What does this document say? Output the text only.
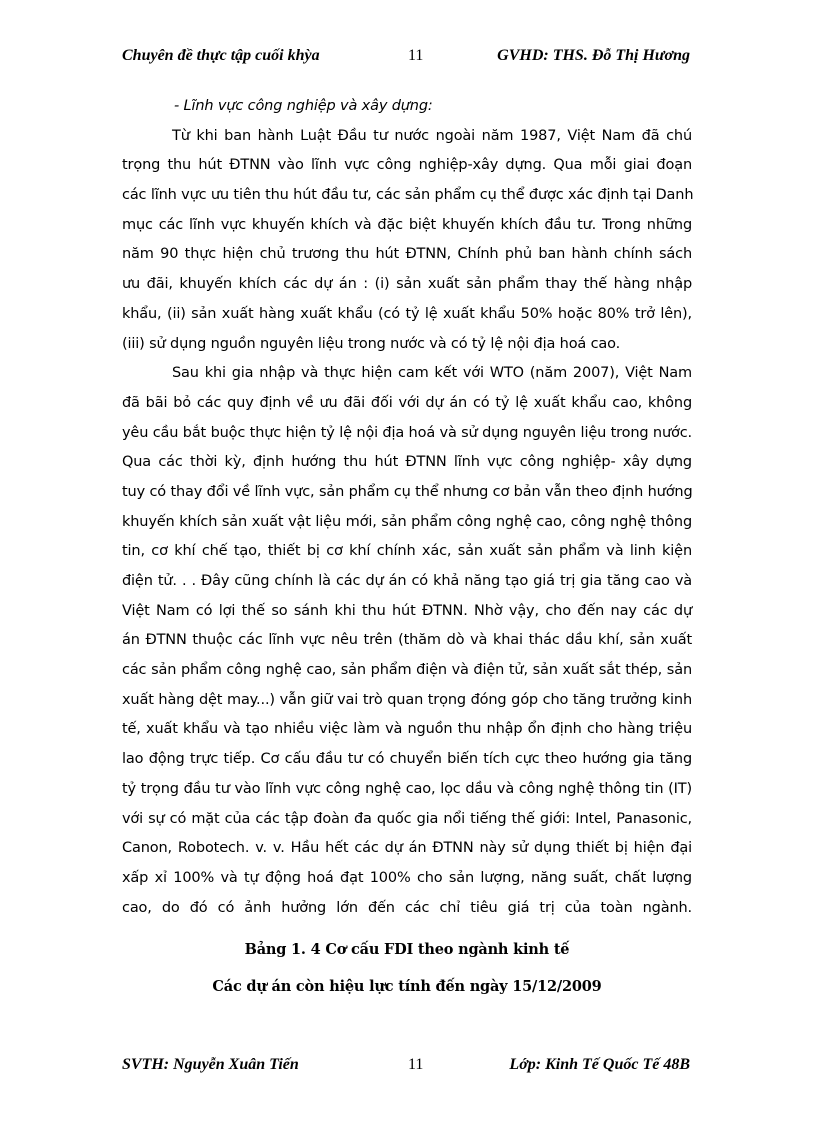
Chuyên đề thực tập cuối khỳa	11	GVHD: THS. Đỗ Thị Hương
- Lĩnh vực công nghiệp và xây dựng:
Từ khi ban hành Luật Đầu tư nước ngoài năm 1987, Việt Nam đã chú
trọng thu hút ĐTNN vào lĩnh vực công nghiệp-xây dựng. Qua mỗi giai đoạn
các lĩnh vực ưu tiên thu hút đầu tư, các sản phẩm cụ thể được xác định tại Danh
mục các lĩnh vực khuyến khích và đặc biệt khuyến khích đầu tư. Trong những
năm 90 thực hiện chủ trương thu hút ĐTNN, Chính phủ ban hành chính sách
ưu đãi, khuyến khích các dự án : (i) sản xuất sản phẩm thay thế hàng nhập
khẩu, (ii) sản xuất hàng xuất khẩu (có tỷ lệ xuất khẩu 50% hoặc 80% trở lên),
(iii) sử dụng nguồn nguyên liệu trong nước và có tỷ lệ nội địa hoá cao.
Sau khi gia nhập và thực hiện cam kết với WTO (năm 2007), Việt Nam
đã bãi bỏ các quy định về ưu đãi đối với dự án có tỷ lệ xuất khẩu cao, không
yêu cầu bắt buộc thực hiện tỷ lệ nội địa hoá và sử dụng nguyên liệu trong nước.
Qua các thời kỳ, định hướng thu hút ĐTNN lĩnh vực công nghiệp- xây dựng
tuy có thay đổi về lĩnh vực, sản phẩm cụ thể nhưng cơ bản vẫn theo định hướng
khuyến khích sản xuất vật liệu mới, sản phẩm công nghệ cao, công nghệ thông
tin, cơ khí chế tạo, thiết bị cơ khí chính xác, sản xuất sản phẩm và linh kiện
điện tử. . . Đây cũng chính là các dự án có khả năng tạo giá trị gia tăng cao và
Việt Nam có lợi thế so sánh khi thu hút ĐTNN. Nhờ vậy, cho đến nay các dự
án ĐTNN thuộc các lĩnh vực nêu trên (thăm dò và khai thác dầu khí, sản xuất
các sản phẩm công nghệ cao, sản phẩm điện và điện tử, sản xuất sắt thép, sản
xuất hàng dệt may...) vẫn giữ vai trò quan trọng đóng góp cho tăng trưởng kinh
tế, xuất khẩu và tạo nhiều việc làm và nguồn thu nhập ổn định cho hàng triệu
lao động trực tiếp. Cơ cấu đầu tư có chuyển biến tích cực theo hướng gia tăng
tỷ trọng đầu tư vào lĩnh vực công nghệ cao, lọc dầu và công nghệ thông tin (IT)
với sự có mặt của các tập đoàn đa quốc gia nổi tiếng thế giới: Intel, Panasonic,
Canon, Robotech. v. v. Hầu hết các dự án ĐTNN này sử dụng thiết bị hiện đại
xấp xỉ 100% và tự động hoá đạt 100% cho sản lượng, năng suất, chất lượng
cao, do đó có ảnh hưởng lớn đến các chỉ tiêu giá trị của toàn ngành.
Bảng 1. 4 Cơ cấu FDI theo ngành kinh tế
Các dự án còn hiệu lực tính đến ngày 15/12/2009
SVTH: Nguyễn Xuân Tiến	11	Lớp: Kinh Tế Quốc Tế 48B
